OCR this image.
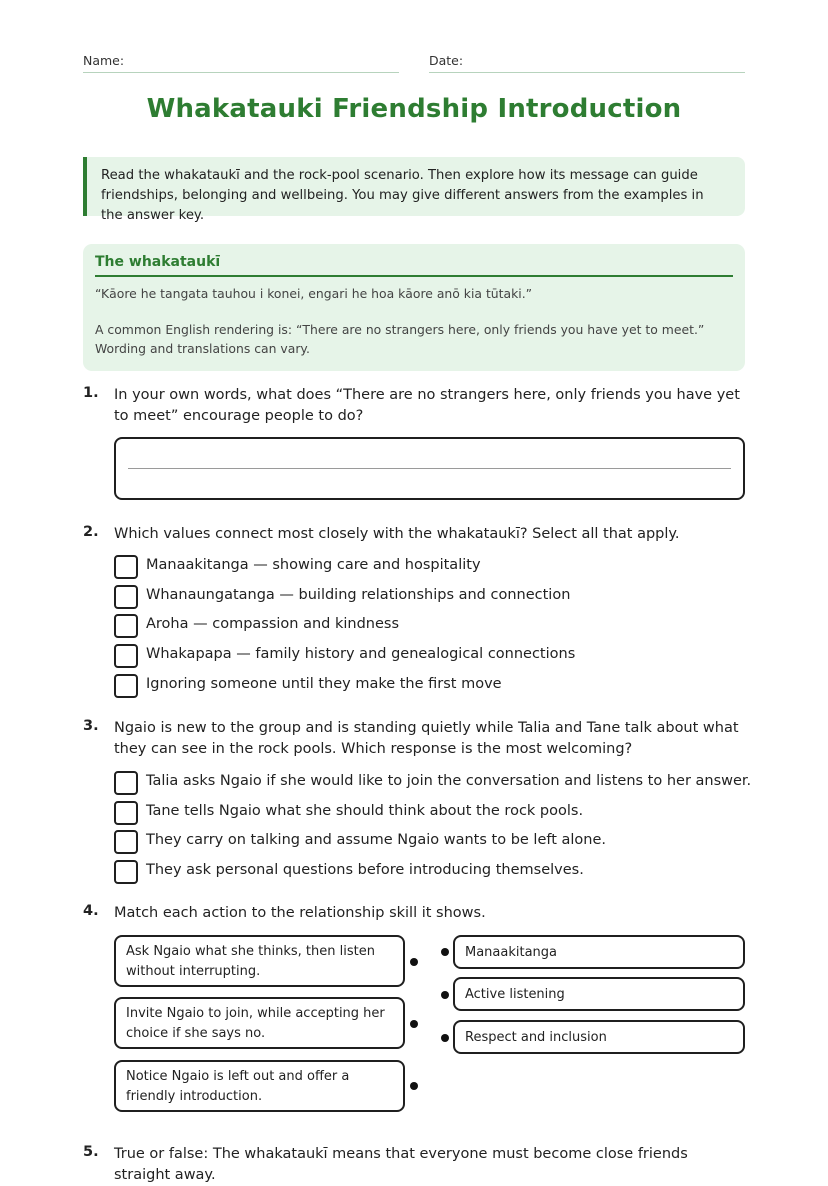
Name:	Date:
Whakatauki Friendship Introduction
Read the whakataukī and the rock-pool scenario. Then explore how its message can guide friendships, belonging and wellbeing. You may give different answers from the examples in the answer key.
The whakataukī
“Kāore he tangata tauhou i konei, engari he hoa kāore anō kia tūtaki.”
A common English rendering is: “There are no strangers here, only friends you have yet to meet.” Wording and translations can vary.
1. In your own words, what does “There are no strangers here, only friends you have yet to meet” encourage people to do?
2. Which values connect most closely with the whakataukī? Select all that apply.
Manaakitanga — showing care and hospitality
Whanaungatanga — building relationships and connection
Aroha — compassion and kindness
Whakapapa — family history and genealogical connections
Ignoring someone until they make the first move
3. Ngaio is new to the group and is standing quietly while Talia and Tane talk about what they can see in the rock pools. Which response is the most welcoming?
Talia asks Ngaio if she would like to join the conversation and listens to her answer.
Tane tells Ngaio what she should think about the rock pools.
They carry on talking and assume Ngaio wants to be left alone.
They ask personal questions before introducing themselves.
4. Match each action to the relationship skill it shows.
Ask Ngaio what she thinks, then listen without interrupting.
Invite Ngaio to join, while accepting her choice if she says no.
Notice Ngaio is left out and offer a friendly introduction.
Manaakitanga
Active listening
Respect and inclusion
5. True or false: The whakataukī means that everyone must become close friends straight away.
